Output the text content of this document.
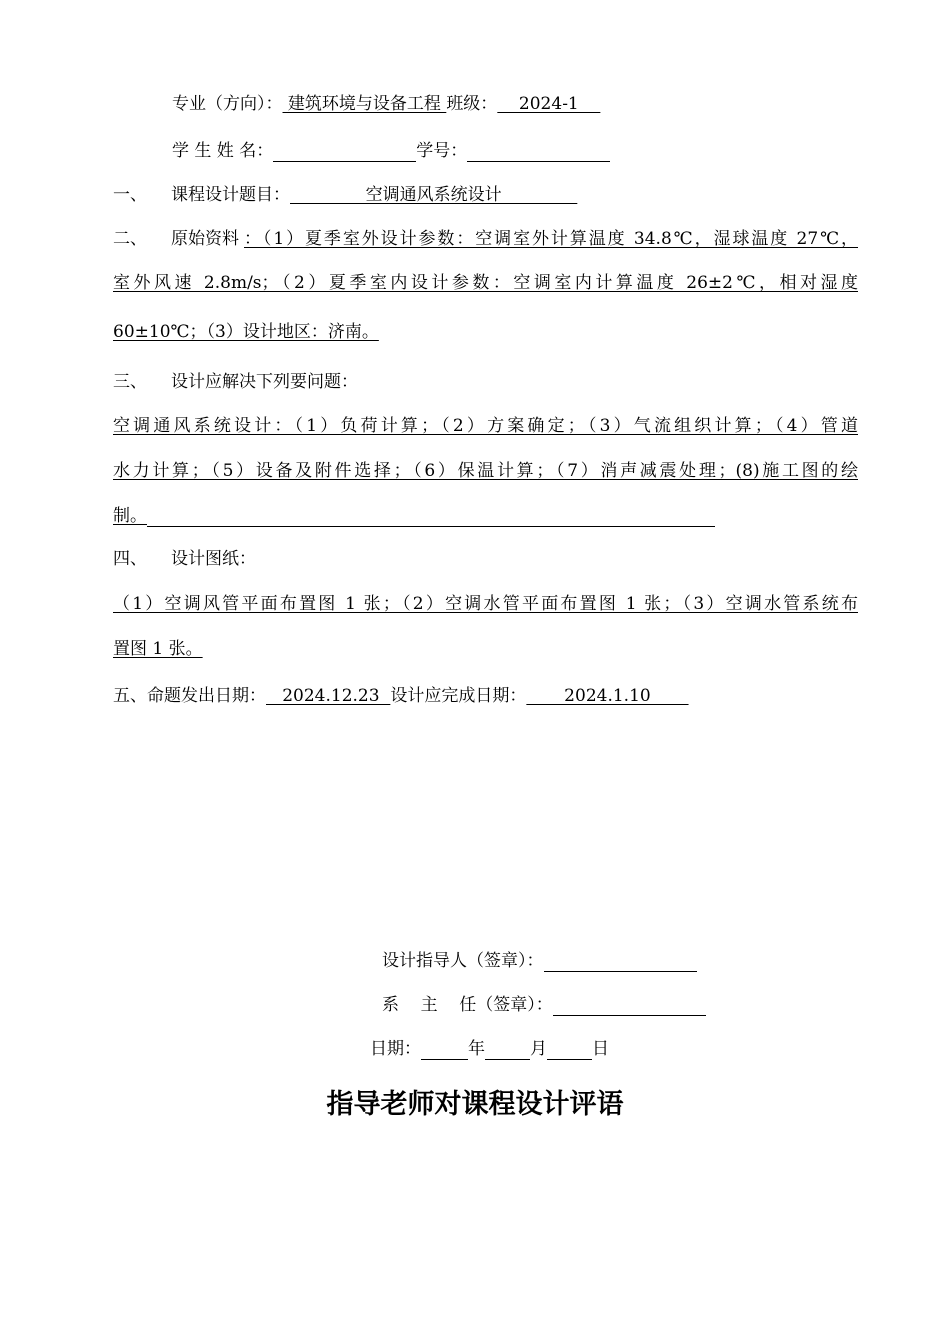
专业（方向）： 建筑环境与设备工程 班级：    2024-1
学 生 姓 名：	学号：
一、 课程设计题目：              空调通风系统设计
二、 原始资料 ：（1）夏季室外设计参数：空调室外计算温度 34.8℃，湿球温度 27℃，
室外风速 2.8m/s；（2）夏季室内设计参数：空调室内计算温度 26±2℃，相对湿度
60±10℃；（3）设计地区：济南。
三、 设计应解决下列要问题：
空调通风系统设计：（1）负荷计算；（2）方案确定；（3）气流组织计算；（4）管道
水力计算；（5）设备及附件选择；（6）保温计算；（7）消声减震处理；(8)施工图的绘
制。
四、 设计图纸：
（1）空调风管平面布置图 1 张；（2）空调水管平面布置图 1 张；（3）空调水管系统布
置图 1 张。
五、命题发出日期：   2024.12.23  设计应完成日期：       2024.1.10
设计指导人（签章）：
系    主    任（签章）：
日期：	年	月	日
指导老师对课程设计评语
